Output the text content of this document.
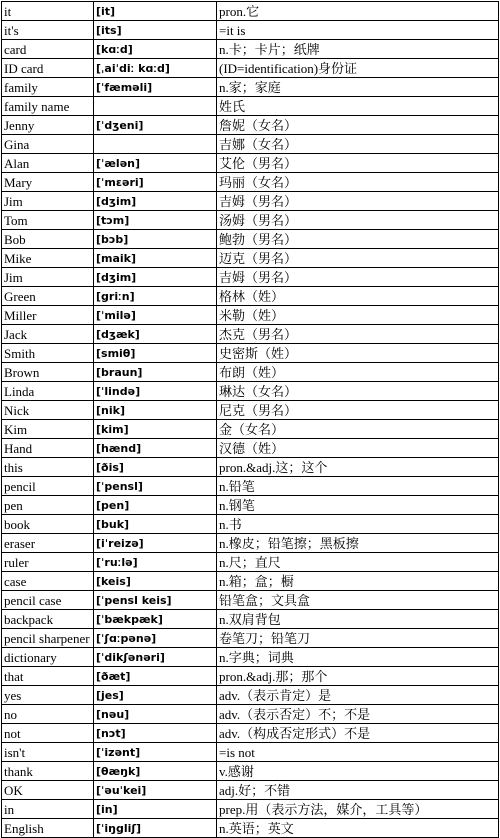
it	[it]	pron.它
it's	[its]	=it is
card	[kɑːd]	n.卡；卡片；纸牌
ID card	[ˌaiˈdiː kɑːd]	(ID=identification)身份证
family	[ˈfæməli]	n.家；家庭
family name		姓氏
Jenny	[ˈdʒeni]	詹妮（女名）
Gina		吉娜（女名）
Alan	[ˈælən]	艾伦（男名）
Mary	[ˈmɛəri]	玛丽（女名）
Jim	[dʒim]	吉姆（男名）
Tom	[tɔm]	汤姆（男名）
Bob	[bɔb]	鲍勃（男名）
Mike	[maik]	迈克（男名）
Jim	[dʒim]	吉姆（男名）
Green	[griːn]	格林（姓）
Miller	[ˈmilə]	米勒（姓）
Jack	[dʒæk]	杰克（男名）
Smith	[smiθ]	史密斯（姓）
Brown	[braun]	布朗（姓）
Linda	[ˈlində]	琳达（女名）
Nick	[nik]	尼克（男名）
Kim	[kim]	金（女名）
Hand	[hænd]	汉德（姓）
this	[ðis]	pron.&adj.这；这个
pencil	[ˈpensl]	n.铅笔
pen	[pen]	n.钢笔
book	[buk]	n.书
eraser	[iˈreizə]	n.橡皮；铅笔擦；黑板擦
ruler	[ˈruːlə]	n.尺；直尺
case	[keis]	n.箱；盒；橱
pencil case	[ˈpensl keis]	铅笔盒；文具盒
backpack	[ˈbækpæk]	n.双肩背包
pencil sharpener	[ˈʃɑːpənə]	卷笔刀；铅笔刀
dictionary	[ˈdikʃənəri]	n.字典；词典
that	[ðæt]	pron.&adj.那；那个
yes	[jes]	adv.（表示肯定）是
no	[nəu]	adv.（表示否定）不；不是
not	[nɔt]	adv.（构成否定形式）不是
isn't	[ˈizənt]	=is not
thank	[θæŋk]	v.感谢
OK	[ˈəuˈkei]	adj.好；不错
in	[in]	prep.用（表示方法，媒介，工具等）
English	[ˈiŋgliʃ]	n.英语；英文
